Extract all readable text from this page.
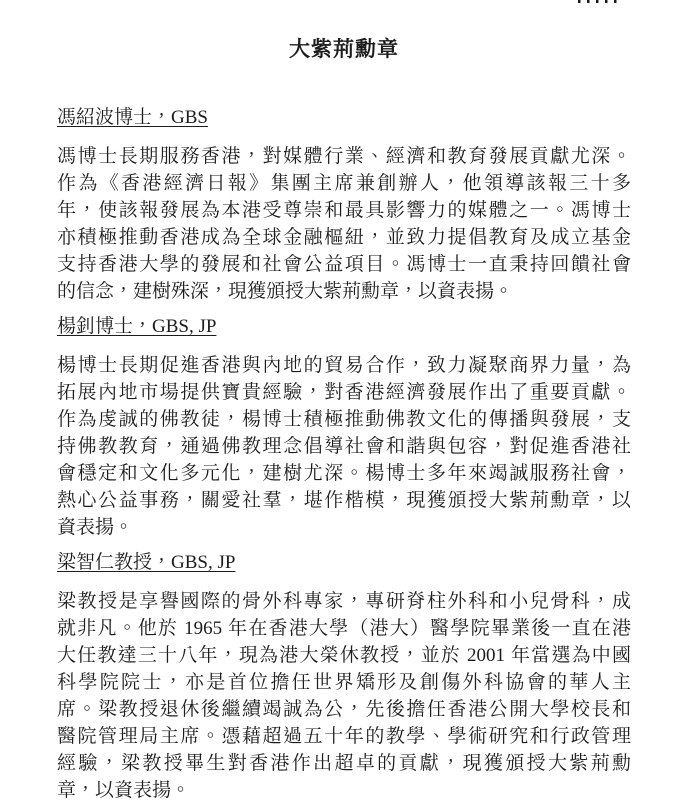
大紫荊勳章
馮紹波博士，GBS
馮博士長期服務香港，對媒體行業、經濟和教育發展貢獻尤深。
作為《香港經濟日報》集團主席兼創辦人，他領導該報三十多
年，使該報發展為本港受尊崇和最具影響力的媒體之一。馮博士
亦積極推動香港成為全球金融樞紐，並致力提倡教育及成立基金
支持香港大學的發展和社會公益項目。馮博士一直秉持回饋社會
的信念，建樹殊深，現獲頒授大紫荊勳章，以資表揚。
楊釗博士，GBS, JP
楊博士長期促進香港與內地的貿易合作，致力凝聚商界力量，為
拓展內地市場提供寶貴經驗，對香港經濟發展作出了重要貢獻。
作為虔誠的佛教徒，楊博士積極推動佛教文化的傳播與發展，支
持佛教教育，通過佛教理念倡導社會和諧與包容，對促進香港社
會穩定和文化多元化，建樹尤深。楊博士多年來竭誠服務社會，
熱心公益事務，關愛社羣，堪作楷模，現獲頒授大紫荊勳章，以
資表揚。
梁智仁教授，GBS, JP
梁教授是享譽國際的骨外科專家，專研脊柱外科和小兒骨科，成
就非凡。他於 1965 年在香港大學（港大）醫學院畢業後一直在港
大任教達三十八年，現為港大榮休教授，並於 2001 年當選為中國
科學院院士，亦是首位擔任世界矯形及創傷外科協會的華人主
席。梁教授退休後繼續竭誠為公，先後擔任香港公開大學校長和
醫院管理局主席。憑藉超過五十年的教學、學術研究和行政管理
經驗，梁教授畢生對香港作出超卓的貢獻，現獲頒授大紫荊勳
章，以資表揚。
